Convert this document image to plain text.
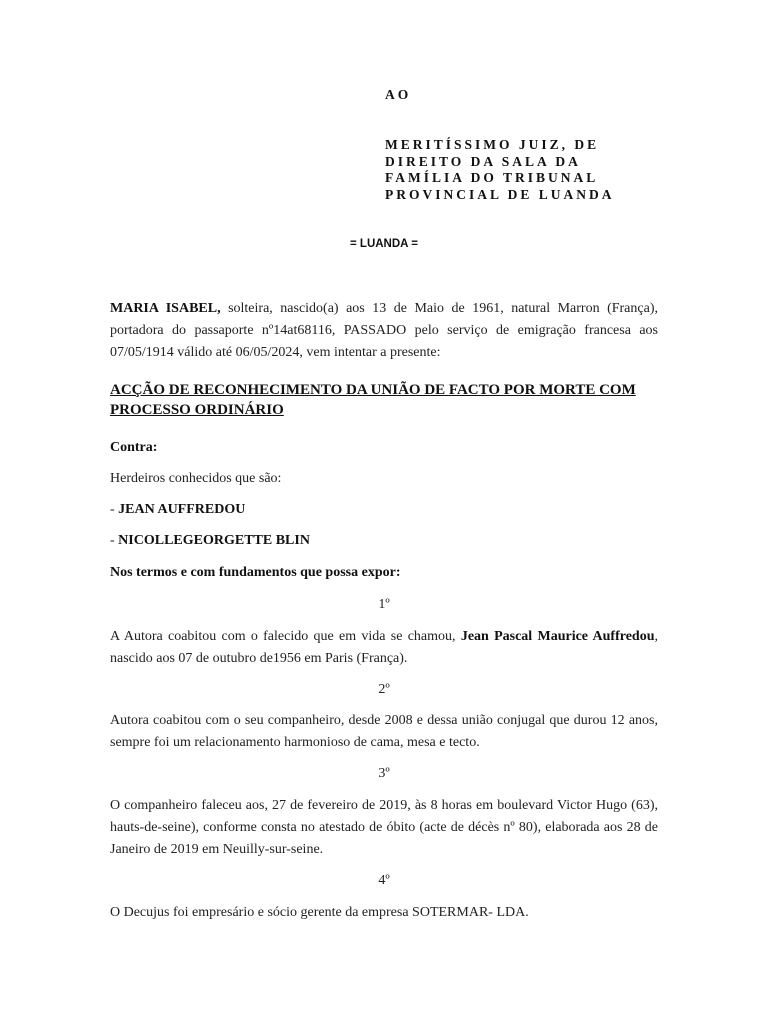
AO
MERITÍSSIMO JUIZ, DE
DIREITO DA SALA DA
FAMÍLIA DO TRIBUNAL
PROVINCIAL DE LUANDA
= LUANDA =
MARIA ISABEL, solteira, nascido(a) aos 13 de Maio de 1961, natural Marron (França), portadora do passaporte nº14at68116, PASSADO pelo serviço de emigração francesa aos 07/05/1914 válido até 06/05/2024, vem intentar a presente:
ACÇÃO DE RECONHECIMENTO DA UNIÃO DE FACTO POR MORTE COM PROCESSO ORDINÁRIO
Contra:
Herdeiros conhecidos que são:
- JEAN AUFFREDOU
- NICOLLEGEORGETTE BLIN
Nos termos e com fundamentos que possa expor:
1º
A Autora coabitou com o falecido que em vida se chamou, Jean Pascal Maurice Auffredou, nascido aos 07 de outubro de1956 em Paris (França).
2º
Autora coabitou com o seu companheiro, desde 2008 e dessa união conjugal que durou 12 anos, sempre foi um relacionamento harmonioso de cama, mesa e tecto.
3º
O companheiro faleceu aos, 27 de fevereiro de 2019, às 8 horas em boulevard Victor Hugo (63), hauts-de-seine), conforme consta no atestado de óbito (acte de décès nº 80), elaborada aos 28 de Janeiro de 2019 em Neuilly-sur-seine.
4º
O Decujus foi empresário e sócio gerente da empresa SOTERMAR- LDA.
